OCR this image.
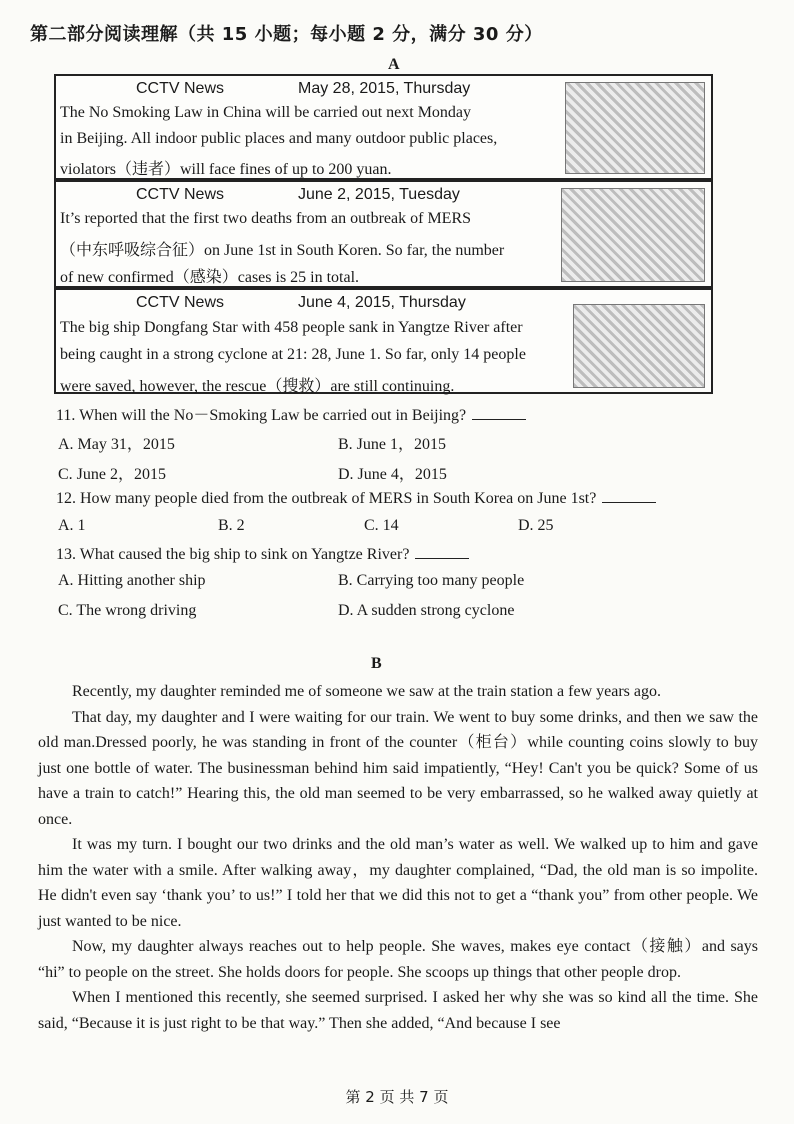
第二部分阅读理解（共 15 小题；每小题 2 分，满分 30 分）
A
CCTV News	May 28, 2015, Thursday
The No Smoking Law in China will be carried out next Monday
in Beijing. All indoor public places and many outdoor public places,
violators（违者）will face fines of up to 200 yuan.
CCTV News	June 2, 2015, Tuesday
It’s reported that the first two deaths from an outbreak of MERS
（中东呼吸综合征）on June 1st in South Koren. So far, the number
of new confirmed（感染）cases is 25 in total.
CCTV News	June 4, 2015, Thursday
The big ship Dongfang Star with 458 people sank in Yangtze River after
being caught in a strong cyclone at 21: 28, June 1. So far, only 14 people
were saved, however, the rescue（搜救）are still continuing.
11. When will the No－Smoking Law be carried out in Beijing?
A. May 31，2015	B. June 1，2015
C. June 2，2015	D. June 4，2015
12. How many people died from the outbreak of MERS in South Korea on June 1st?
A. 1	B. 2	C. 14	D. 25
13. What caused the big ship to sink on Yangtze River?
A. Hitting another ship	B. Carrying too many people
C. The wrong driving	D. A sudden strong cyclone
B

Recently, my daughter reminded me of someone we saw at the train station a few years ago.

That day, my daughter and I were waiting for our train. We went to buy some drinks, and then we saw the old man.Dressed poorly, he was standing in front of the counter（柜台）while counting coins slowly to buy just one bottle of water. The businessman behind him said impatiently, “Hey! Can't you be quick? Some of us have a train to catch!” Hearing this, the old man seemed to be very embarrassed, so he walked away quietly at once.

It was my turn. I bought our two drinks and the old man’s water as well. We walked up to him and gave him the water with a smile. After walking away，my daughter complained, “Dad, the old man is so impolite. He didn't even say ‘thank you’ to us!” I told her that we did this not to get a “thank you” from other people. We just wanted to be nice.

Now, my daughter always reaches out to help people. She waves, makes eye contact（接触）and says “hi” to people on the street. She holds doors for people. She scoops up things that other people drop.

When I mentioned this recently, she seemed surprised. I asked her why she was so kind all the time. She said, “Because it is just right to be that way.” Then she added, “And because I see

第 2 页 共 7 页
